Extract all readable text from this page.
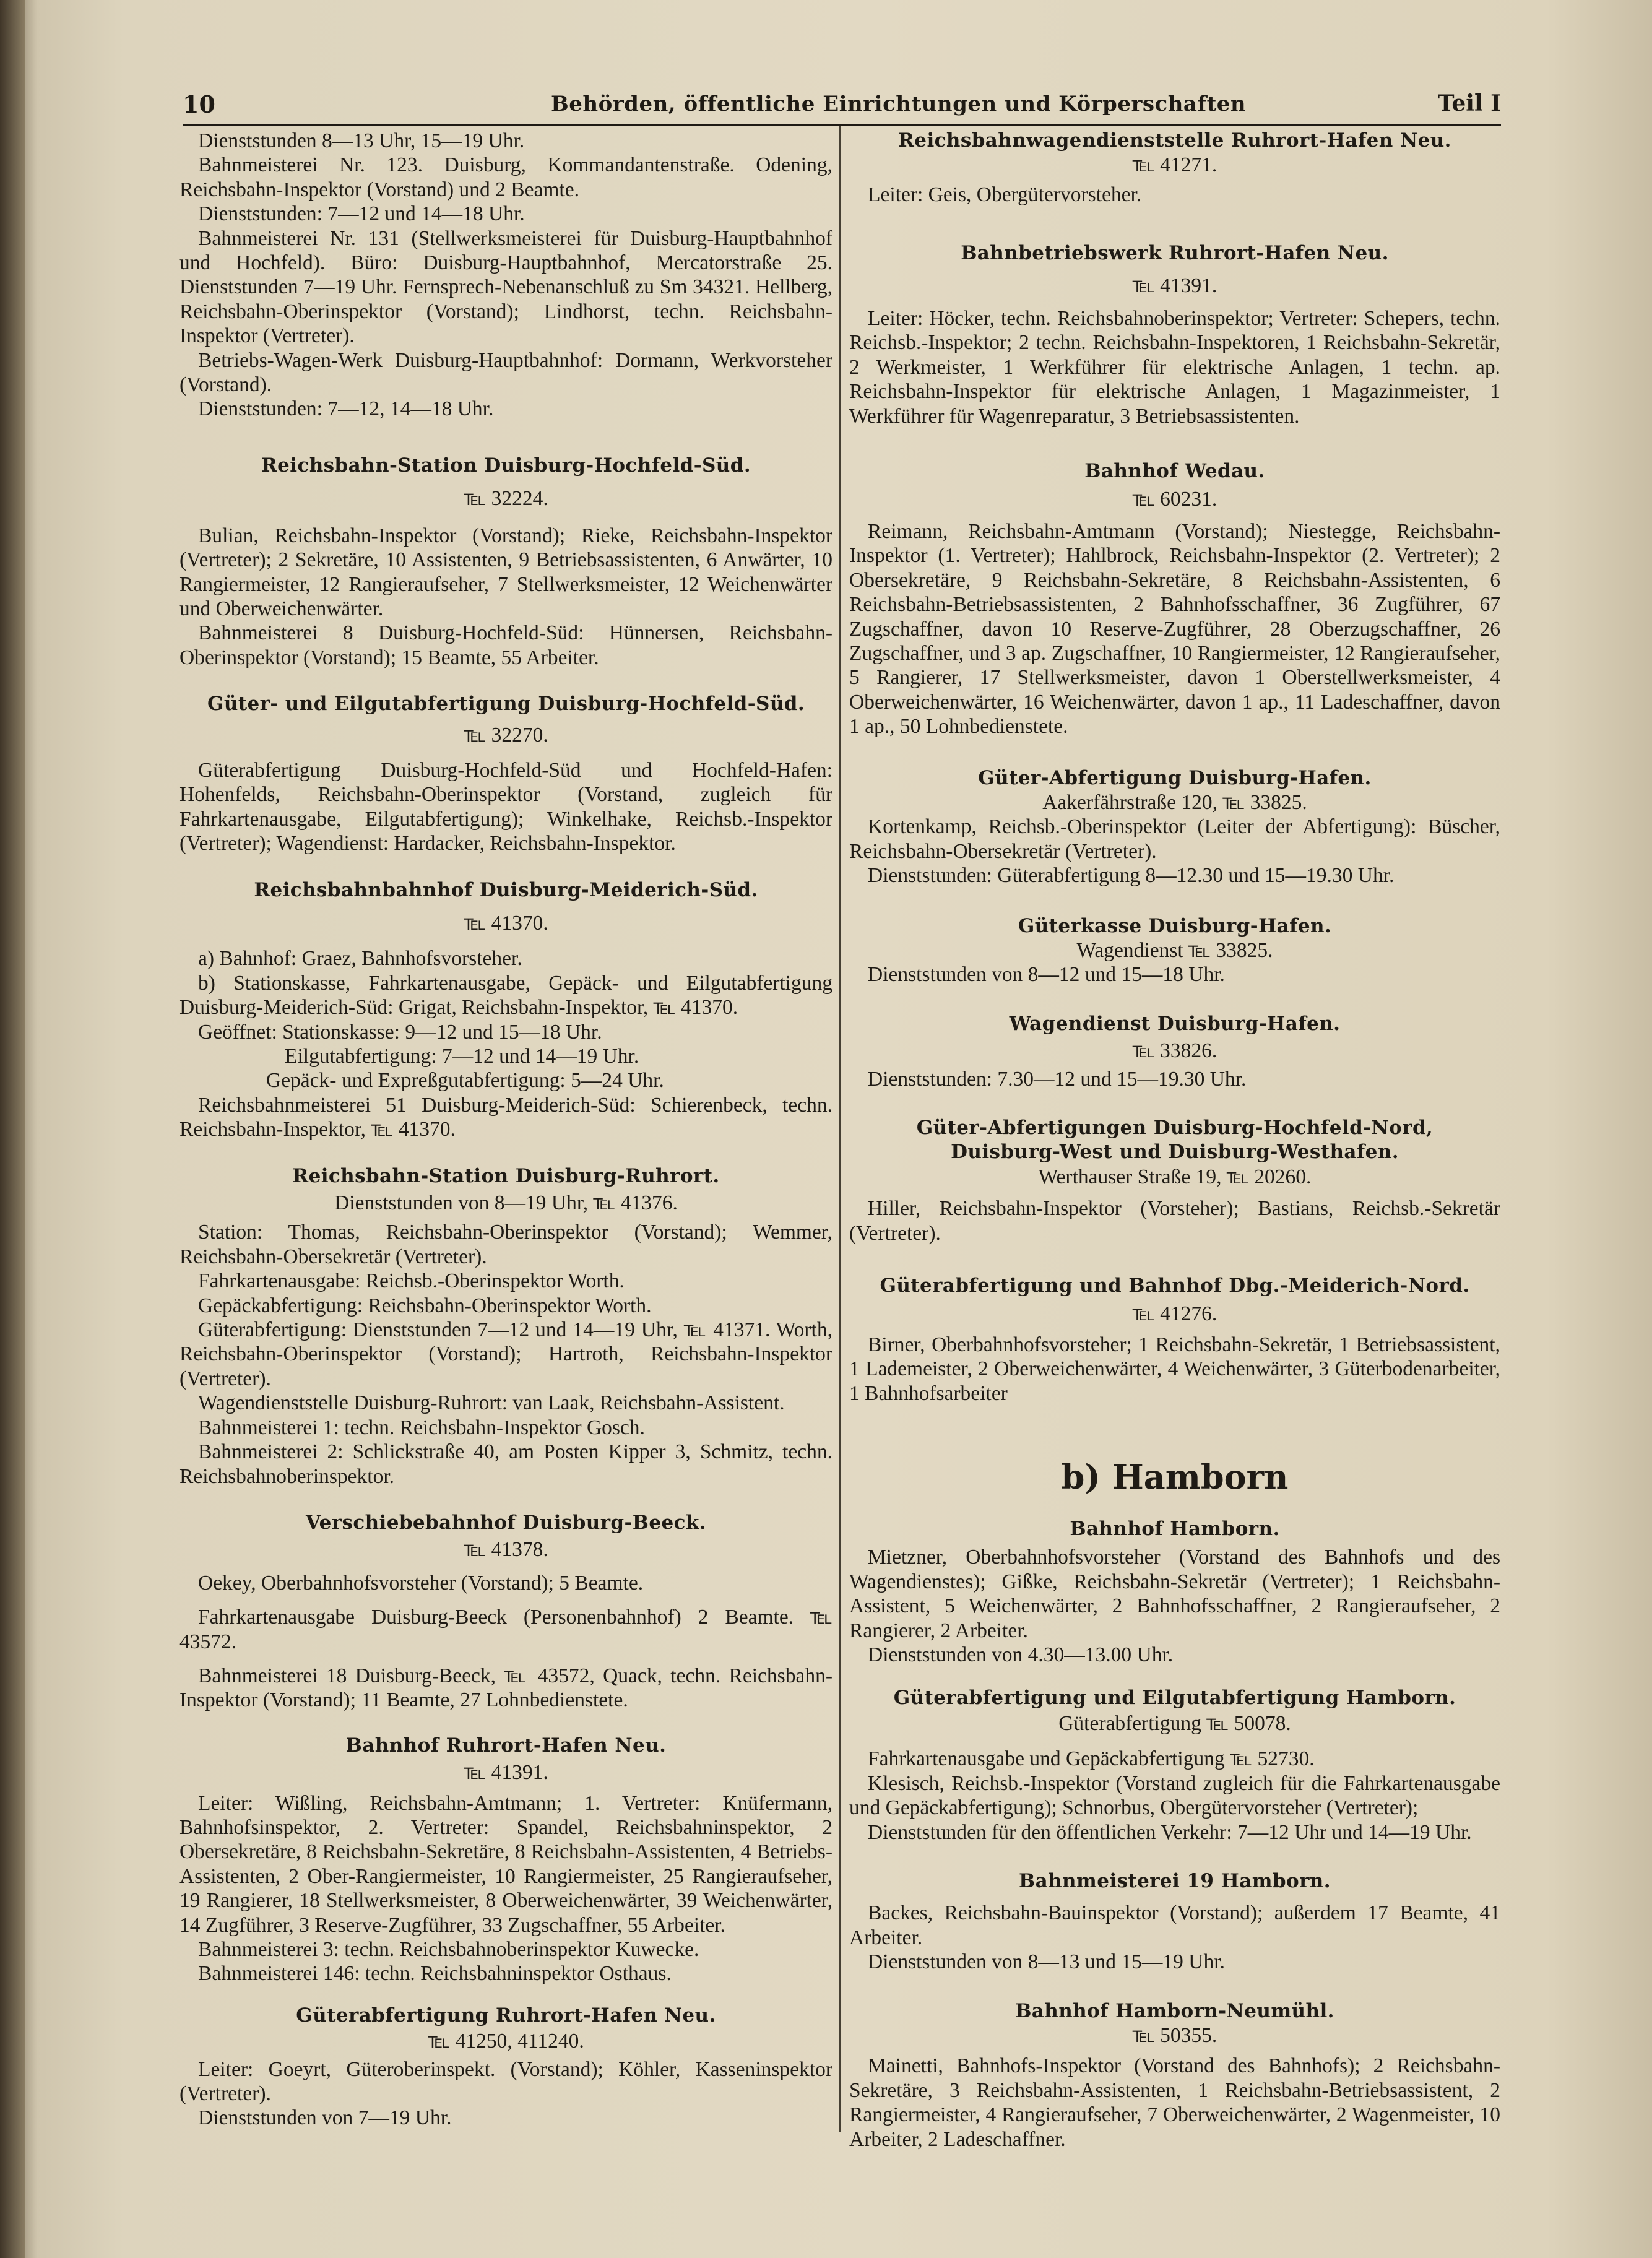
10	Behörden, öffentliche Einrichtungen und Körperschaften	Teil I

Dienststunden 8—13 Uhr, 15—19 Uhr.

Bahnmeisterei Nr. 123. Duisburg, Kommandantenstraße. Odening, Reichsbahn-Inspektor (Vorstand) und 2 Beamte.

Dienststunden: 7—12 und 14—18 Uhr.

Bahnmeisterei Nr. 131 (Stellwerksmeisterei für Duisburg-Hauptbahnhof und Hochfeld). Büro: Duisburg-Hauptbahnhof, Mercatorstraße 25. Dienststunden 7—19 Uhr. Fernsprech-Nebenanschluß zu Sm 34321. Hellberg, Reichsbahn-Oberinspektor (Vorstand); Lindhorst, techn. Reichsbahn-Inspektor (Vertreter).

Betriebs-Wagen-Werk Duisburg-Hauptbahnhof: Dormann, Werkvorsteher (Vorstand).

Dienststunden: 7—12, 14—18 Uhr.

Reichsbahn-Station Duisburg-Hochfeld-Süd.

℡ 32224.

Bulian, Reichsbahn-Inspektor (Vorstand); Rieke, Reichsbahn-Inspektor (Vertreter); 2 Sekretäre, 10 Assistenten, 9 Betriebsassistenten, 6 Anwärter, 10 Rangiermeister, 12 Rangieraufseher, 7 Stellwerksmeister, 12 Weichenwärter und Oberweichenwärter.

Bahnmeisterei 8 Duisburg-Hochfeld-Süd: Hünnersen, Reichsbahn-Oberinspektor (Vorstand); 15 Beamte, 55 Arbeiter.

Güter- und Eilgutabfertigung Duisburg-Hochfeld-Süd.

℡ 32270.

Güterabfertigung Duisburg-Hochfeld-Süd und Hochfeld-Hafen: Hohenfelds, Reichsbahn-Oberinspektor (Vorstand, zugleich für Fahrkartenausgabe, Eilgutabfertigung); Winkelhake, Reichsb.-Inspektor (Vertreter); Wagendienst: Hardacker, Reichsbahn-Inspektor.

Reichsbahnbahnhof Duisburg-Meiderich-Süd.

℡ 41370.

a) Bahnhof: Graez, Bahnhofsvorsteher.

b) Stationskasse, Fahrkartenausgabe, Gepäck- und Eilgutabfertigung Duisburg-Meiderich-Süd: Grigat, Reichsbahn-Inspektor, ℡ 41370.

Geöffnet: Stationskasse: 9—12 und 15—18 Uhr.

Eilgutabfertigung: 7—12 und 14—19 Uhr.

Gepäck- und Expreßgutabfertigung: 5—24 Uhr.

Reichsbahnmeisterei 51 Duisburg-Meiderich-Süd: Schierenbeck, techn. Reichsbahn-Inspektor, ℡ 41370.

Reichsbahn-Station Duisburg-Ruhrort.

Dienststunden von 8—19 Uhr, ℡ 41376.

Station: Thomas, Reichsbahn-Oberinspektor (Vorstand); Wemmer, Reichsbahn-Obersekretär (Vertreter).

Fahrkartenausgabe: Reichsb.-Oberinspektor Worth.

Gepäckabfertigung: Reichsbahn-Oberinspektor Worth.

Güterabfertigung: Dienststunden 7—12 und 14—19 Uhr, ℡ 41371. Worth, Reichsbahn-Oberinspektor (Vorstand); Hartroth, Reichsbahn-Inspektor (Vertreter).

Wagendienststelle Duisburg-Ruhrort: van Laak, Reichsbahn-Assistent.

Bahnmeisterei 1: techn. Reichsbahn-Inspektor Gosch.

Bahnmeisterei 2: Schlickstraße 40, am Posten Kipper 3, Schmitz, techn. Reichsbahnoberinspektor.

Verschiebebahnhof Duisburg-Beeck.

℡ 41378.

Oekey, Oberbahnhofsvorsteher (Vorstand); 5 Beamte.

Fahrkartenausgabe Duisburg-Beeck (Personenbahnhof) 2 Beamte. ℡ 43572.

Bahnmeisterei 18 Duisburg-Beeck, ℡ 43572, Quack, techn. Reichsbahn-Inspektor (Vorstand); 11 Beamte, 27 Lohnbedienstete.

Bahnhof Ruhrort-Hafen Neu.

℡ 41391.

Leiter: Wißling, Reichsbahn-Amtmann; 1. Vertreter: Knüfermann, Bahnhofsinspektor, 2. Vertreter: Spandel, Reichsbahninspektor, 2 Obersekretäre, 8 Reichsbahn-Sekretäre, 8 Reichsbahn-Assistenten, 4 Betriebs-Assistenten, 2 Ober-Rangiermeister, 10 Rangiermeister, 25 Rangieraufseher, 19 Rangierer, 18 Stellwerksmeister, 8 Oberweichenwärter, 39 Weichenwärter, 14 Zugführer, 3 Reserve-Zugführer, 33 Zugschaffner, 55 Arbeiter.

Bahnmeisterei 3: techn. Reichsbahnoberinspektor Kuwecke.

Bahnmeisterei 146: techn. Reichsbahninspektor Osthaus.

Güterabfertigung Ruhrort-Hafen Neu.

℡ 41250, 411240.

Leiter: Goeyrt, Güteroberinspekt. (Vorstand); Köhler, Kasseninspektor (Vertreter).

Dienststunden von 7—19 Uhr.

Reichsbahnwagendienststelle Ruhrort-Hafen Neu.

℡ 41271.

Leiter: Geis, Obergütervorsteher.

Bahnbetriebswerk Ruhrort-Hafen Neu.

℡ 41391.

Leiter: Höcker, techn. Reichsbahnoberinspektor; Vertreter: Schepers, techn. Reichsb.-Inspektor; 2 techn. Reichsbahn-Inspektoren, 1 Reichsbahn-Sekretär, 2 Werkmeister, 1 Werkführer für elektrische Anlagen, 1 techn. ap. Reichsbahn-Inspektor für elektrische Anlagen, 1 Magazinmeister, 1 Werkführer für Wagenreparatur, 3 Betriebsassistenten.

Bahnhof Wedau.

℡ 60231.

Reimann, Reichsbahn-Amtmann (Vorstand); Niestegge, Reichsbahn-Inspektor (1. Vertreter); Hahlbrock, Reichsbahn-Inspektor (2. Vertreter); 2 Obersekretäre, 9 Reichsbahn-Sekretäre, 8 Reichsbahn-Assistenten, 6 Reichsbahn-Betriebsassistenten, 2 Bahnhofsschaffner, 36 Zugführer, 67 Zugschaffner, davon 10 Reserve-Zugführer, 28 Oberzugschaffner, 26 Zugschaffner, und 3 ap. Zugschaffner, 10 Rangiermeister, 12 Rangieraufseher, 5 Rangierer, 17 Stellwerksmeister, davon 1 Oberstellwerksmeister, 4 Oberweichenwärter, 16 Weichenwärter, davon 1 ap., 11 Ladeschaffner, davon 1 ap., 50 Lohnbedienstete.

Güter-Abfertigung Duisburg-Hafen.

Aakerfährstraße 120, ℡ 33825.

Kortenkamp, Reichsb.-Oberinspektor (Leiter der Abfertigung): Büscher, Reichsbahn-Obersekretär (Vertreter).

Dienststunden: Güterabfertigung 8—12.30 und 15—19.30 Uhr.

Güterkasse Duisburg-Hafen.

Wagendienst ℡ 33825.

Dienststunden von 8—12 und 15—18 Uhr.

Wagendienst Duisburg-Hafen.

℡ 33826.

Dienststunden: 7.30—12 und 15—19.30 Uhr.

Güter-Abfertigungen Duisburg-Hochfeld-Nord,

Duisburg-West und Duisburg-Westhafen.

Werthauser Straße 19, ℡ 20260.

Hiller, Reichsbahn-Inspektor (Vorsteher); Bastians, Reichsb.-Sekretär (Vertreter).

Güterabfertigung und Bahnhof Dbg.-Meiderich-Nord.

℡ 41276.

Birner, Oberbahnhofsvorsteher; 1 Reichsbahn-Sekretär, 1 Betriebsassistent, 1 Lademeister, 2 Oberweichenwärter, 4 Weichenwärter, 3 Güterbodenarbeiter, 1 Bahnhofsarbeiter

b) Hamborn

Bahnhof Hamborn.

Mietzner, Oberbahnhofsvorsteher (Vorstand des Bahnhofs und des Wagendienstes); Gißke, Reichsbahn-Sekretär (Vertreter); 1 Reichsbahn-Assistent, 5 Weichenwärter, 2 Bahnhofsschaffner, 2 Rangieraufseher, 2 Rangierer, 2 Arbeiter.

Dienststunden von 4.30—13.00 Uhr.

Güterabfertigung und Eilgutabfertigung Hamborn.

Güterabfertigung ℡ 50078.

Fahrkartenausgabe und Gepäckabfertigung ℡ 52730.

Klesisch, Reichsb.-Inspektor (Vorstand zugleich für die Fahrkartenausgabe und Gepäckabfertigung); Schnorbus, Obergütervorsteher (Vertreter);

Dienststunden für den öffentlichen Verkehr: 7—12 Uhr und 14—19 Uhr.

Bahnmeisterei 19 Hamborn.

Backes, Reichsbahn-Bauinspektor (Vorstand); außerdem 17 Beamte, 41 Arbeiter.

Dienststunden von 8—13 und 15—19 Uhr.

Bahnhof Hamborn-Neumühl.

℡ 50355.

Mainetti, Bahnhofs-Inspektor (Vorstand des Bahnhofs); 2 Reichsbahn-Sekretäre, 3 Reichsbahn-Assistenten, 1 Reichsbahn-Betriebsassistent, 2 Rangiermeister, 4 Rangieraufseher, 7 Oberweichenwärter, 2 Wagenmeister, 10 Arbeiter, 2 Ladeschaffner.
